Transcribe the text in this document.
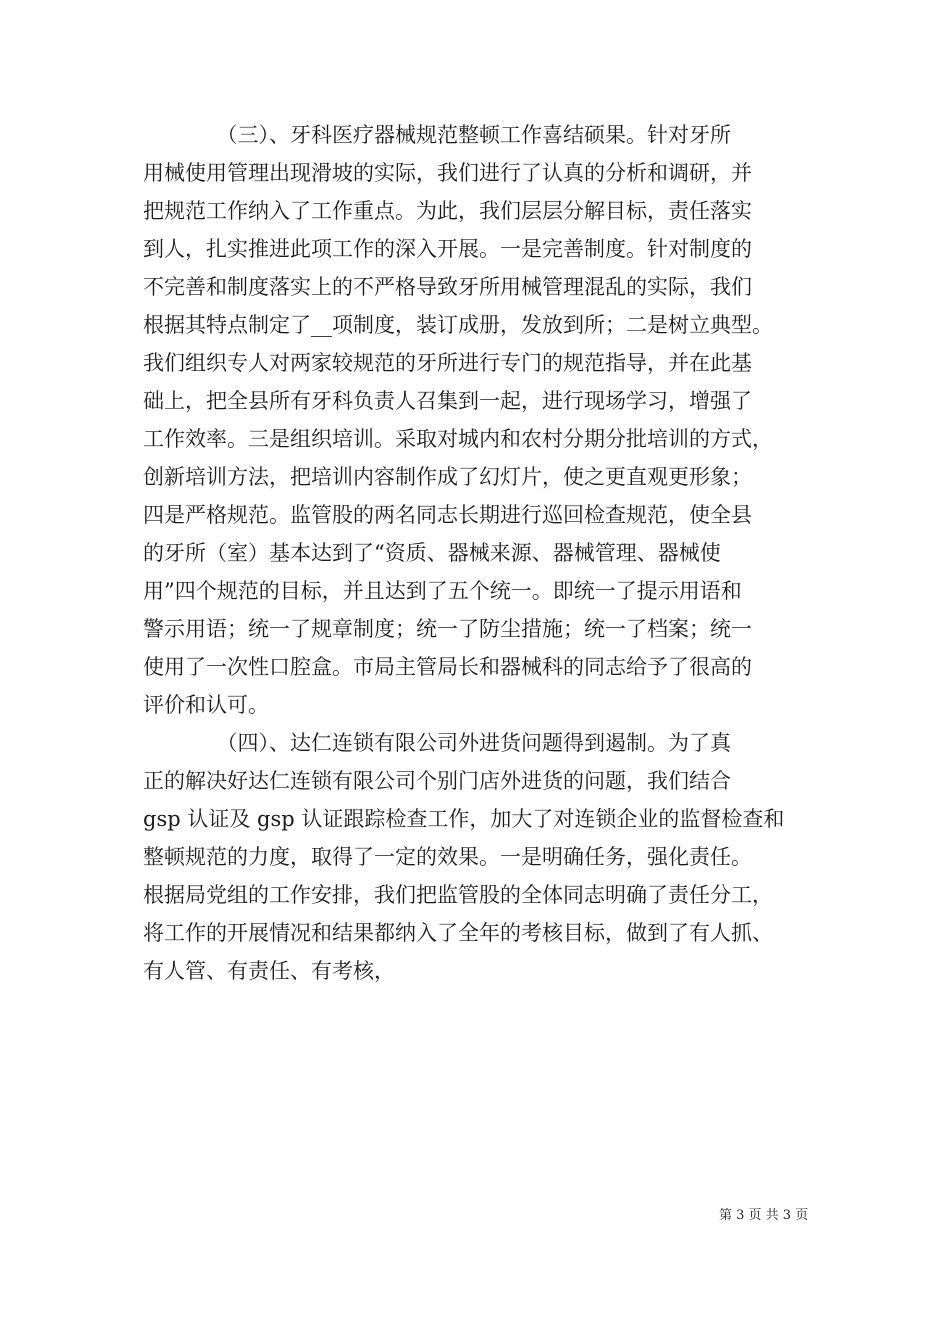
　　　　（三）、牙科医疗器械规范整顿工作喜结硕果。针对牙所
用械使用管理出现滑坡的实际，我们进行了认真的分析和调研，并
把规范工作纳入了工作重点。为此，我们层层分解目标，责任落实
到人，扎实推进此项工作的深入开展。一是完善制度。针对制度的
不完善和制度落实上的不严格导致牙所用械管理混乱的实际，我们
根据其特点制定了__项制度，装订成册，发放到所；二是树立典型。
我们组织专人对两家较规范的牙所进行专门的规范指导，并在此基
础上，把全县所有牙科负责人召集到一起，进行现场学习，增强了
工作效率。三是组织培训。采取对城内和农村分期分批培训的方式，
创新培训方法，把培训内容制作成了幻灯片，使之更直观更形象；
四是严格规范。监管股的两名同志长期进行巡回检查规范，使全县
的牙所（室）基本达到了“资质、器械来源、器械管理、器械使
用”四个规范的目标，并且达到了五个统一。即统一了提示用语和
警示用语；统一了规章制度；统一了防尘措施；统一了档案；统一
使用了一次性口腔盒。市局主管局长和器械科的同志给予了很高的
评价和认可。
　　　　（四）、达仁连锁有限公司外进货问题得到遏制。为了真
正的解决好达仁连锁有限公司个别门店外进货的问题，我们结合
gsp 认证及 gsp 认证跟踪检查工作，加大了对连锁企业的监督检查和
整顿规范的力度，取得了一定的效果。一是明确任务，强化责任。
根据局党组的工作安排，我们把监管股的全体同志明确了责任分工，
将工作的开展情况和结果都纳入了全年的考核目标，做到了有人抓、
有人管、有责任、有考核，
第 3 页 共 3 页
